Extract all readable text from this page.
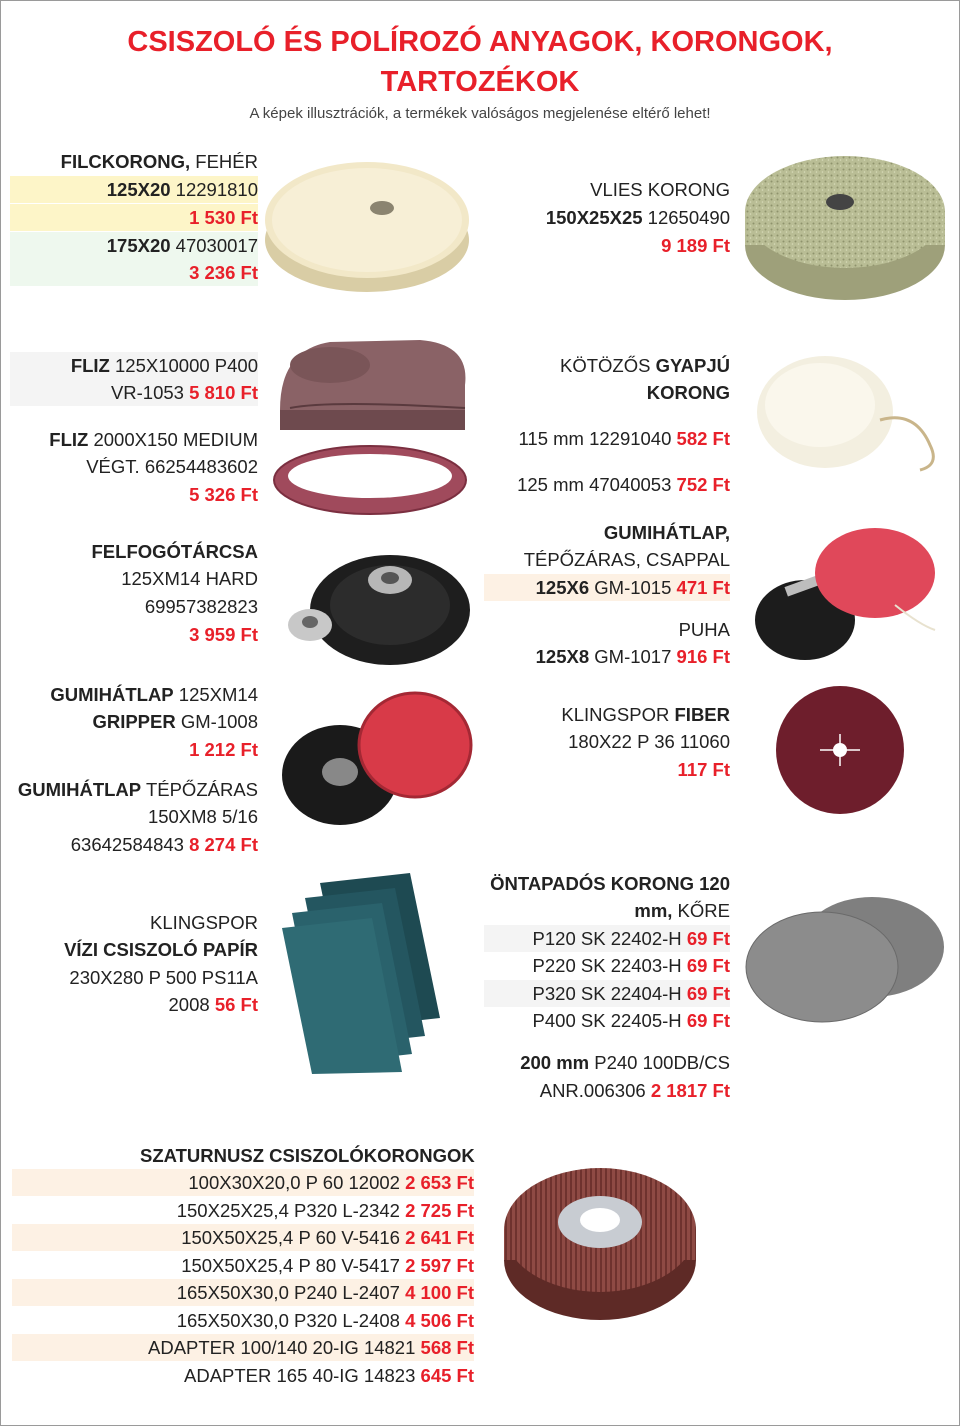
CSISZOLÓ ÉS POLÍROZÓ ANYAGOK, KORONGOK,
TARTOZÉKOK
A képek illusztrációk, a termékek valóságos megjelenése eltérő lehet!
FILCKORONG, FEHÉR
125X20 12291810
1 530 Ft
175X20 47030017
3 236 Ft
VLIES KORONG
150X25X25 12650490
9 189 Ft
FLIZ 125X10000 P400
VR-1053 5 810 Ft
FLIZ 2000X150 MEDIUM
VÉGT. 66254483602
5 326 Ft
FELFOGÓTÁRCSA
125XM14 HARD
69957382823
3 959 Ft
GUMIHÁTLAP 125XM14
GRIPPER GM-1008
1 212 Ft
GUMIHÁTLAP TÉPŐZÁRAS
150XM8 5/16
63642584843 8 274 Ft
KLINGSPOR
VÍZI CSISZOLÓ PAPÍR
230X280 P 500 PS11A
2008 56 Ft
KÖTÖZŐS GYAPJÚ
KORONG
115 mm 12291040 582 Ft
125 mm 47040053 752 Ft
GUMIHÁTLAP,
TÉPŐZÁRAS, CSAPPAL
125X6 GM-1015 471 Ft
PUHA
125X8 GM-1017 916 Ft
KLINGSPOR FIBER
180X22 P 36 11060
117 Ft
ÖNTAPADÓS KORONG 120
mm, KŐRE
P120 SK 22402-H 69 Ft
P220 SK 22403-H 69 Ft
P320 SK 22404-H 69 Ft
P400 SK 22405-H 69 Ft
200 mm P240 100DB/CS
ANR.006306 2 1817 Ft
SZATURNUSZ CSISZOLÓKORONGOK
100X30X20,0 P 60 12002 2 653 Ft
150X25X25,4 P320 L-2342 2 725 Ft
150X50X25,4 P 60 V-5416 2 641 Ft
150X50X25,4 P 80 V-5417 2 597 Ft
165X50X30,0 P240 L-2407 4 100 Ft
165X50X30,0 P320 L-2408 4 506 Ft
ADAPTER 100/140 20-IG 14821 568 Ft
ADAPTER 165 40-IG 14823 645 Ft
